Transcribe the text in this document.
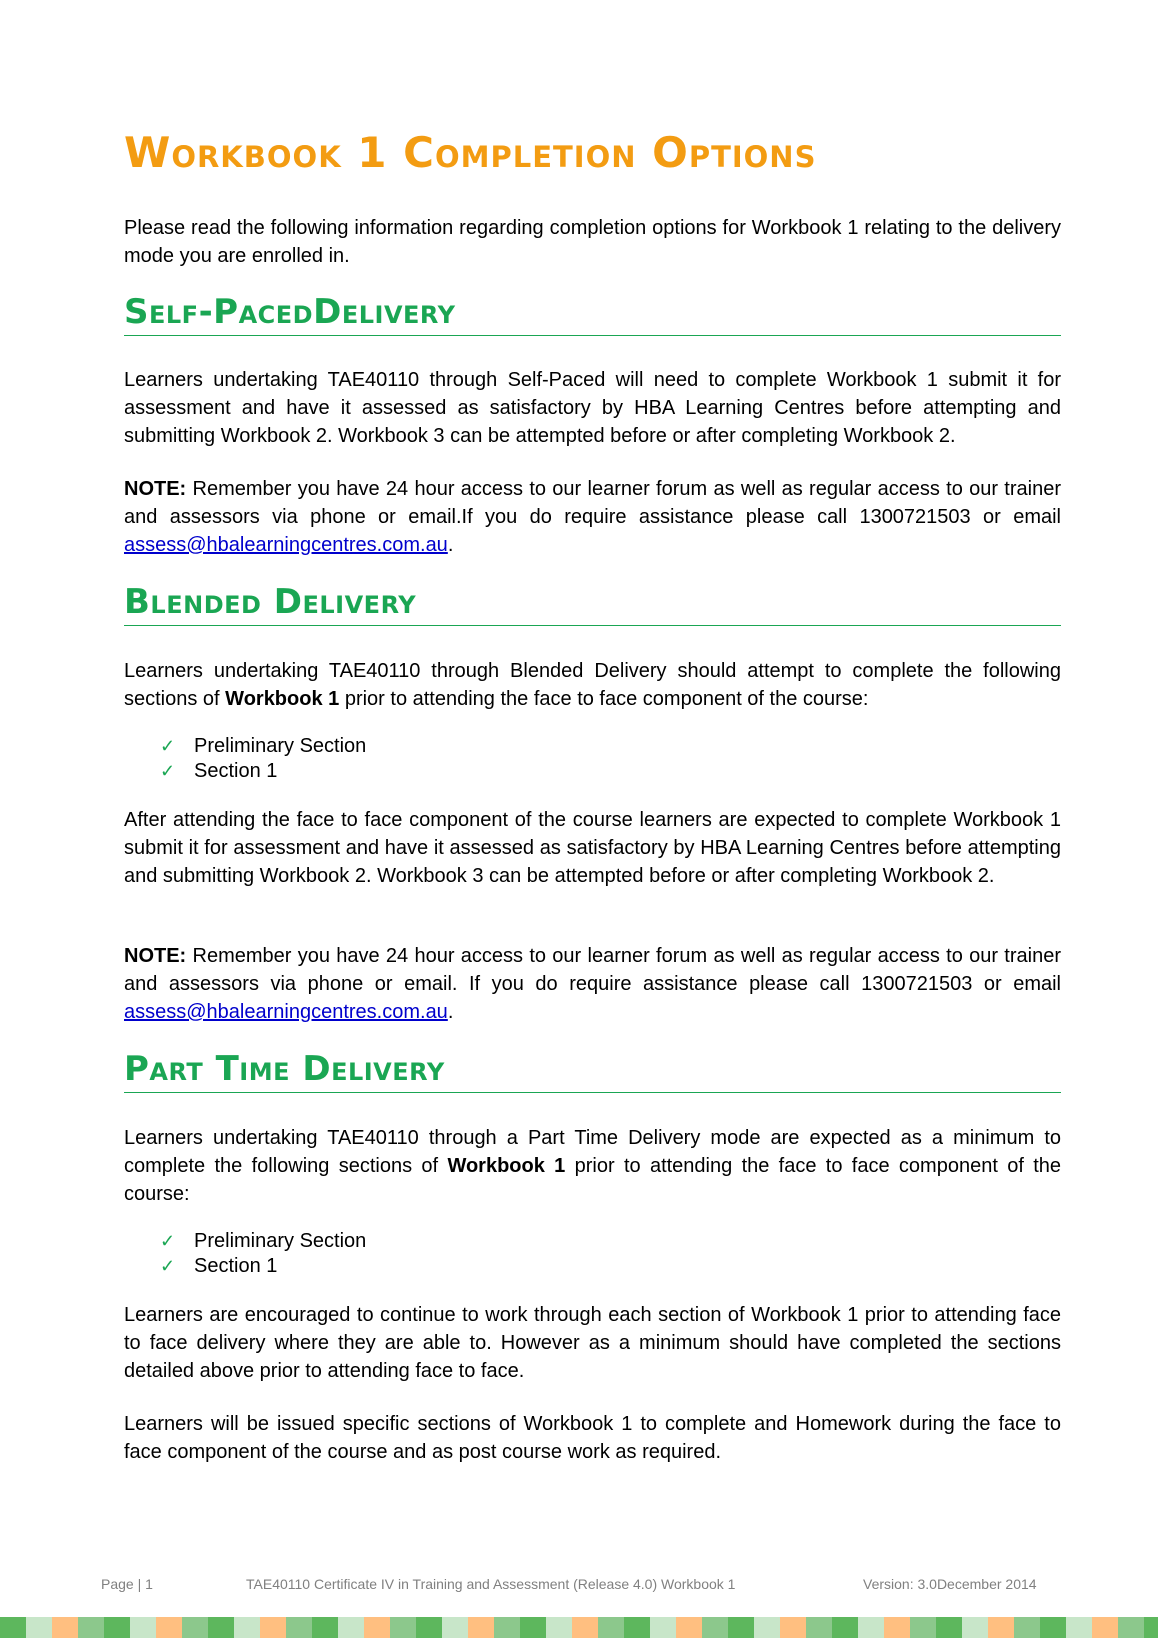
Workbook 1 Completion Options

Please read the following information regarding completion options for Workbook 1 relating to the delivery mode you are enrolled in.

Self-PacedDelivery

Learners undertaking TAE40110 through Self-Paced will need to complete Workbook 1 submit it for assessment and have it assessed as satisfactory by HBA Learning Centres before attempting and submitting Workbook 2. Workbook 3 can be attempted before or after completing Workbook 2.

NOTE: Remember you have 24 hour access to our learner forum as well as regular access to our trainer and assessors via phone or email.If you do require assistance please call 1300721503 or email assess@hbalearningcentres.com.au.

Blended Delivery

Learners undertaking TAE40110 through Blended Delivery should attempt to complete the following sections of Workbook 1 prior to attending the face to face component of the course:

✓ Preliminary Section
✓ Section 1

After attending the face to face component of the course learners are expected to complete Workbook 1 submit it for assessment and have it assessed as satisfactory by HBA Learning Centres before attempting and submitting Workbook 2. Workbook 3 can be attempted before or after completing Workbook 2.

NOTE: Remember you have 24 hour access to our learner forum as well as regular access to our trainer and assessors via phone or email. If you do require assistance please call 1300721503 or email assess@hbalearningcentres.com.au.

Part Time Delivery

Learners undertaking TAE40110 through a Part Time Delivery mode are expected as a minimum to complete the following sections of Workbook 1 prior to attending the face to face component of the course:

✓ Preliminary Section
✓ Section 1

Learners are encouraged to continue to work through each section of Workbook 1 prior to attending face to face delivery where they are able to. However as a minimum should have completed the sections detailed above prior to attending face to face.

Learners will be issued specific sections of Workbook 1 to complete and Homework during the face to face component of the course and as post course work as required.

Page | 1	TAE40110 Certificate IV in Training and Assessment (Release 4.0) Workbook 1	Version: 3.0December 2014
